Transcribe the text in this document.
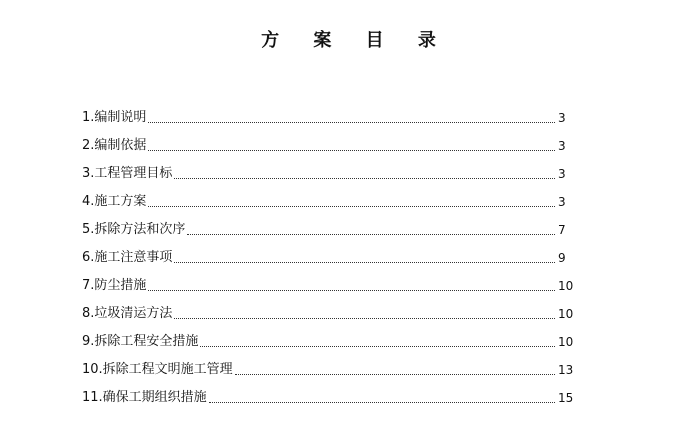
方 案 目 录
1.编制说明	3
2.编制依据	3
3.工程管理目标	3
4.施工方案	3
5.拆除方法和次序	7
6.施工注意事项	9
7.防尘措施	10
8.垃圾清运方法	10
9.拆除工程安全措施	10
10.拆除工程文明施工管理	13
11.确保工期组织措施	15
